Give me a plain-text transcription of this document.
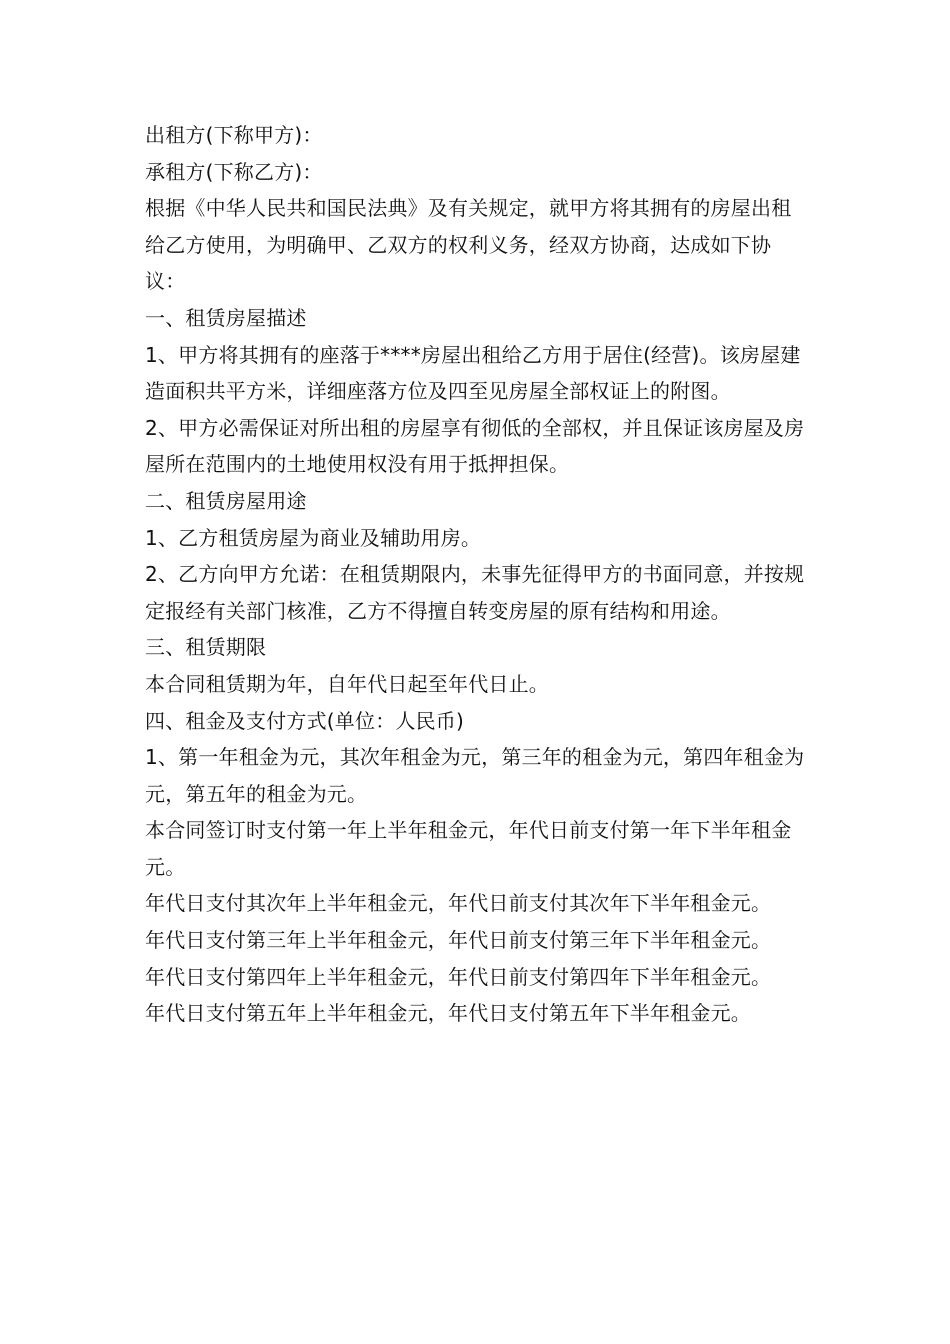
出租方(下称甲方)：

承租方(下称乙方)：

根据《中华人民共和国民法典》及有关规定，就甲方将其拥有的房屋出租给乙方使用，为明确甲、乙双方的权利义务，经双方协商，达成如下协议：

一、租赁房屋描述

1、甲方将其拥有的座落于****房屋出租给乙方用于居住(经营)。该房屋建造面积共平方米，详细座落方位及四至见房屋全部权证上的附图。

2、甲方必需保证对所出租的房屋享有彻低的全部权，并且保证该房屋及房屋所在范围内的土地使用权没有用于抵押担保。

二、租赁房屋用途

1、乙方租赁房屋为商业及辅助用房。

2、乙方向甲方允诺：在租赁期限内，未事先征得甲方的书面同意，并按规定报经有关部门核准，乙方不得擅自转变房屋的原有结构和用途。

三、租赁期限

本合同租赁期为年，自年代日起至年代日止。

四、租金及支付方式(单位：人民币)

1、第一年租金为元，其次年租金为元，第三年的租金为元，第四年租金为元，第五年的租金为元。

本合同签订时支付第一年上半年租金元，年代日前支付第一年下半年租金元。

年代日支付其次年上半年租金元，年代日前支付其次年下半年租金元。

年代日支付第三年上半年租金元，年代日前支付第三年下半年租金元。

年代日支付第四年上半年租金元，年代日前支付第四年下半年租金元。

年代日支付第五年上半年租金元，年代日支付第五年下半年租金元。
